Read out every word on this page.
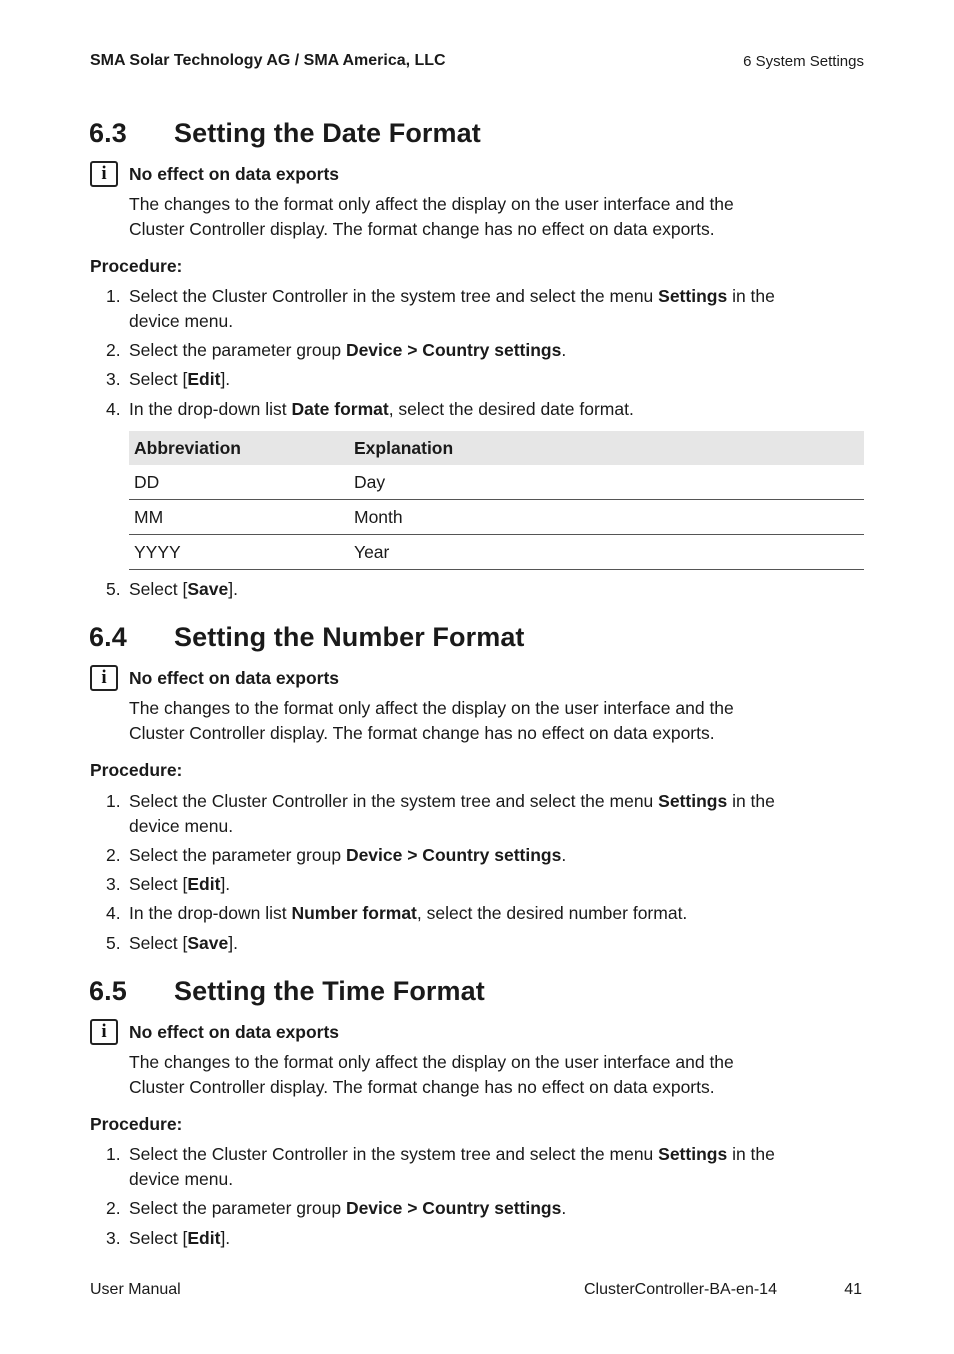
SMA Solar Technology AG / SMA America, LLC	6 System Settings
6.3 Setting the Date Format
i	No effect on data exports
The changes to the format only affect the display on the user interface and the
Cluster Controller display. The format change has no effect on data exports.
Procedure:
1. Select the Cluster Controller in the system tree and select the menu Settings in the device menu.
2. Select the parameter group Device > Country settings.
3. Select [Edit].
4. In the drop-down list Date format, select the desired date format.
Abbreviation	Explanation
DD	Day
MM	Month
YYYY	Year
5. Select [Save].
6.4 Setting the Number Format
i	No effect on data exports
The changes to the format only affect the display on the user interface and the
Cluster Controller display. The format change has no effect on data exports.
Procedure:
1. Select the Cluster Controller in the system tree and select the menu Settings in the device menu.
2. Select the parameter group Device > Country settings.
3. Select [Edit].
4. In the drop-down list Number format, select the desired number format.
5. Select [Save].
6.5 Setting the Time Format
i	No effect on data exports
The changes to the format only affect the display on the user interface and the
Cluster Controller display. The format change has no effect on data exports.
Procedure:
1. Select the Cluster Controller in the system tree and select the menu Settings in the device menu.
2. Select the parameter group Device > Country settings.
3. Select [Edit].
User Manual	ClusterController-BA-en-14	41
